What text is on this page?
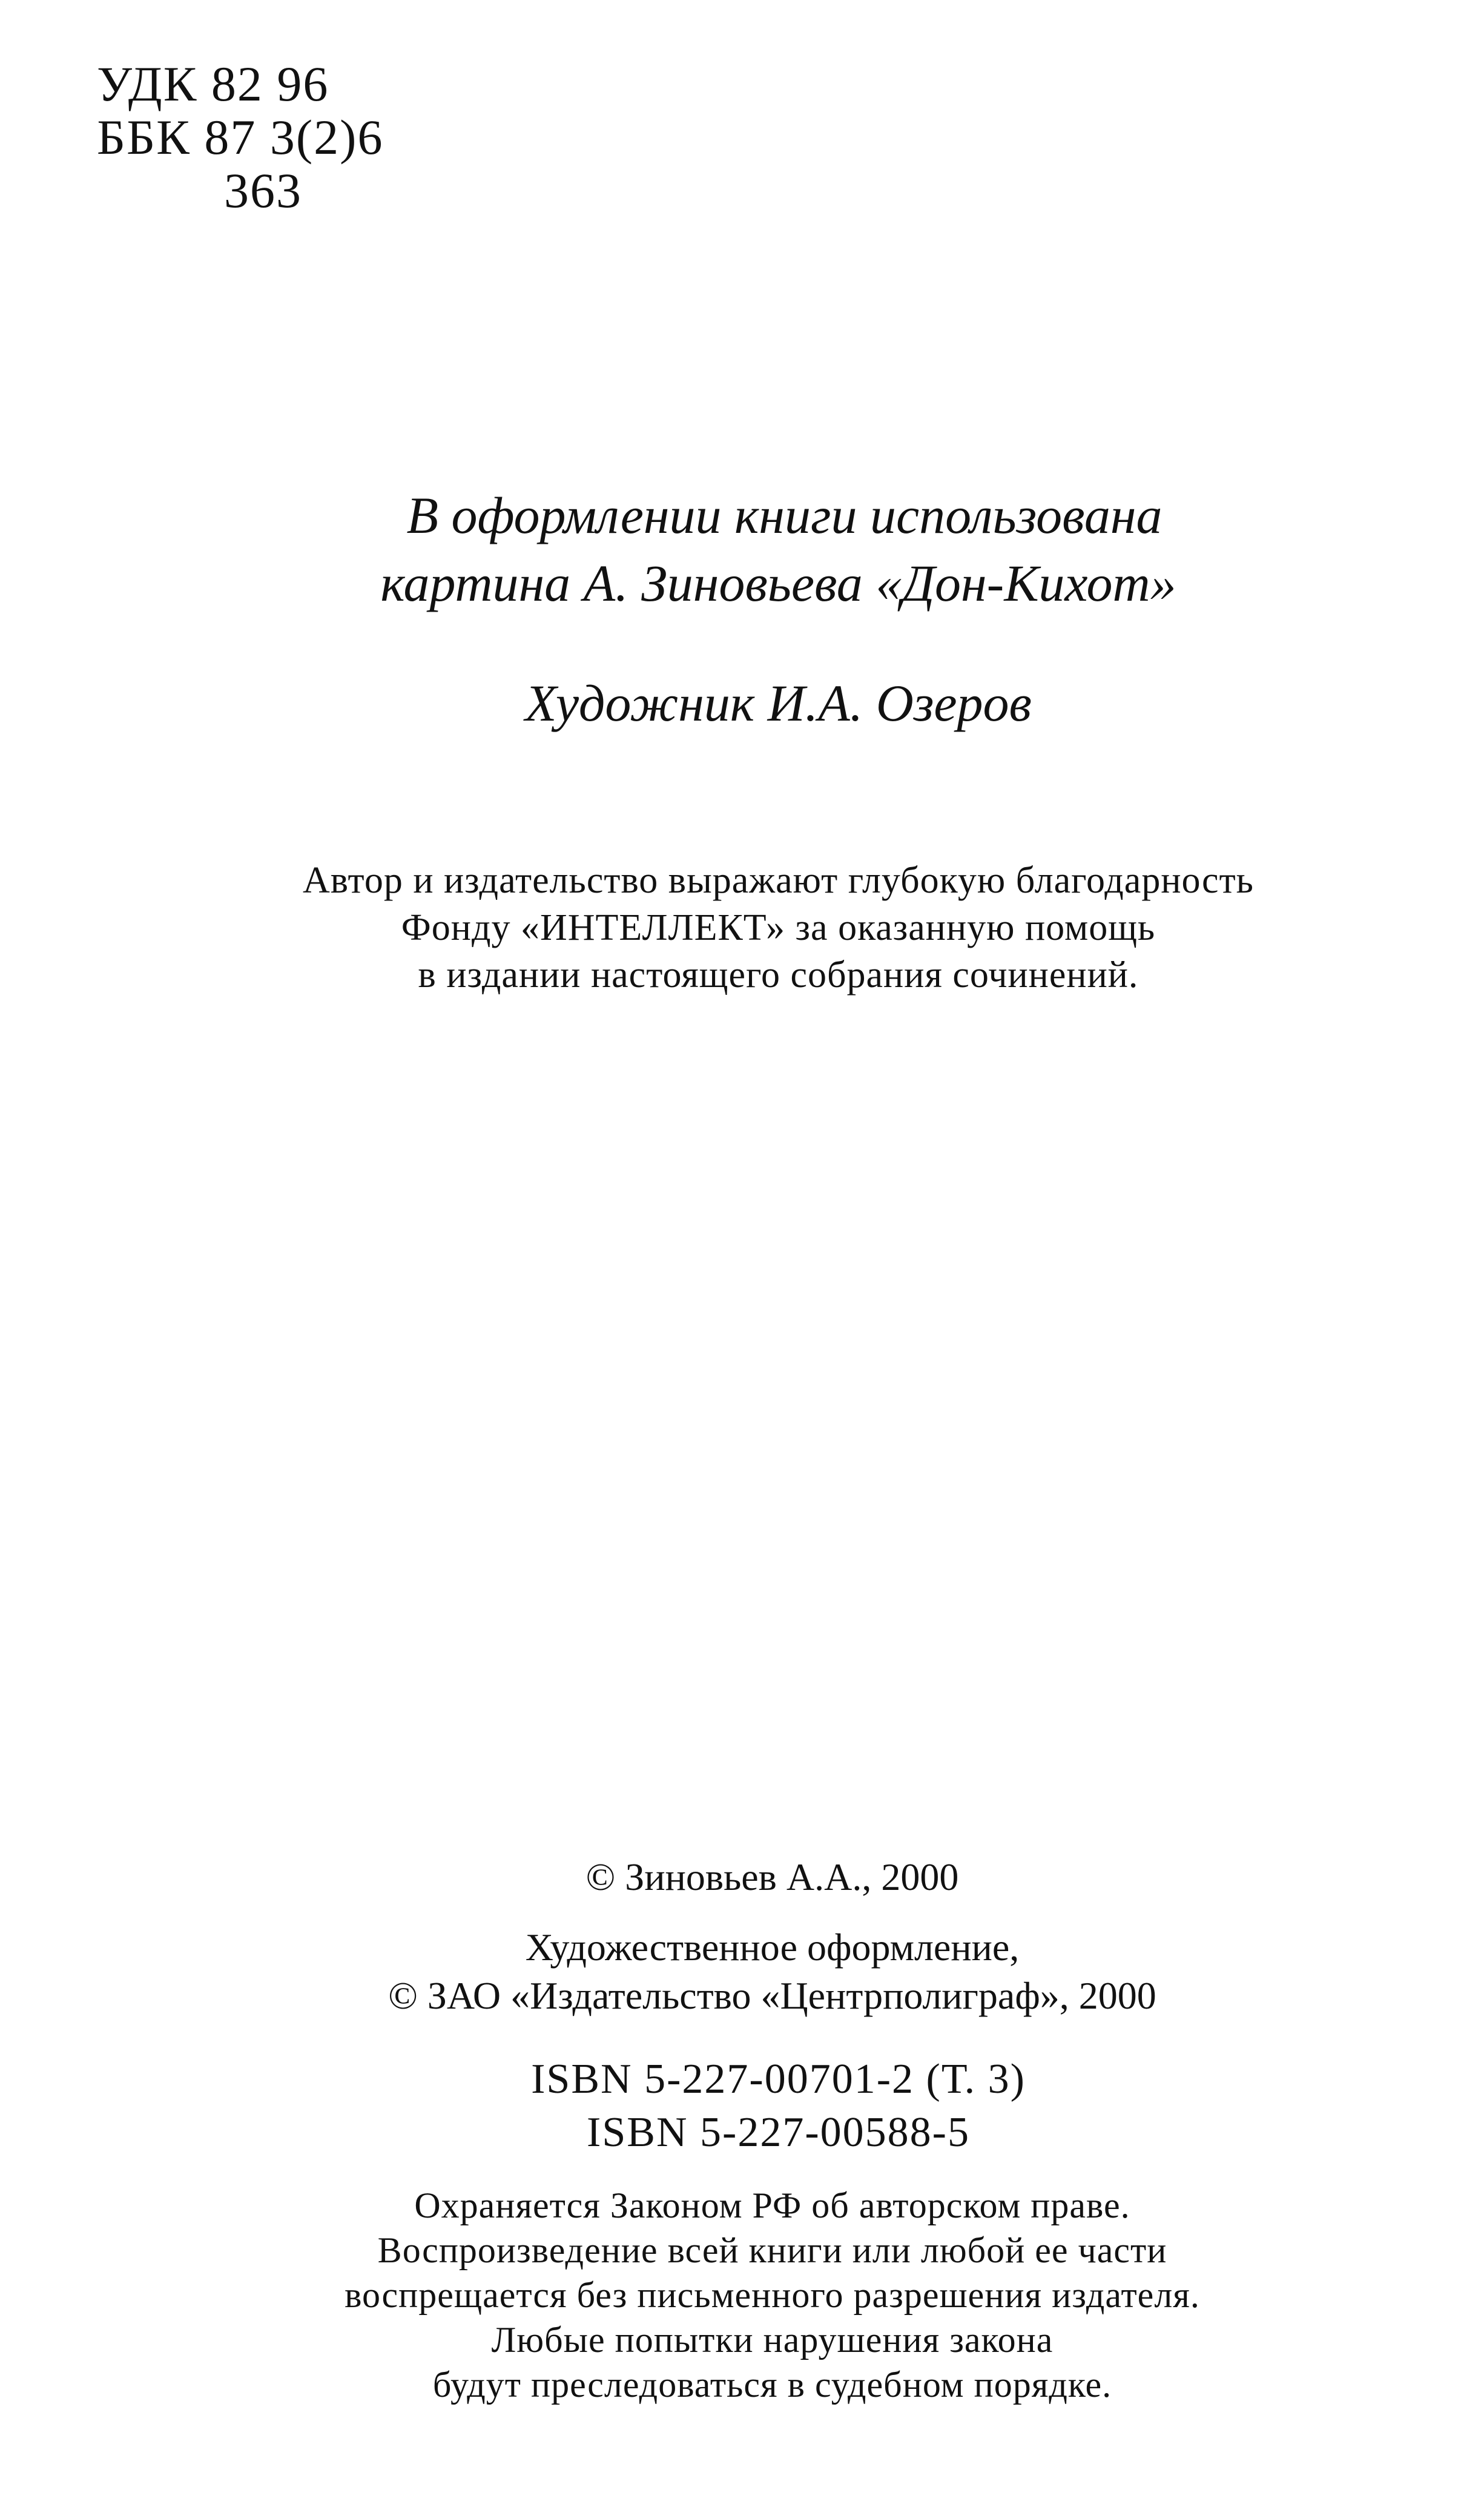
УДК 82 96
ББК 87 3(2)6
363
В оформлении книги использована
картина А. Зиновьева «Дон-Кихот»
Художник И.А. Озеров
Автор и издательство выражают глубокую благодарность
Фонду «ИНТЕЛЛЕКТ» за оказанную помощь
в издании настоящего собрания сочинений.
© Зиновьев А.А., 2000
Художественное оформление,
© ЗАО «Издательство «Центрполиграф», 2000
ISBN 5-227-00701-2 (Т. 3)
ISBN 5-227-00588-5
Охраняется Законом РФ об авторском праве.
Воспроизведение всей книги или любой ее части
воспрещается без письменного разрешения издателя.
Любые попытки нарушения закона
будут преследоваться в судебном порядке.
